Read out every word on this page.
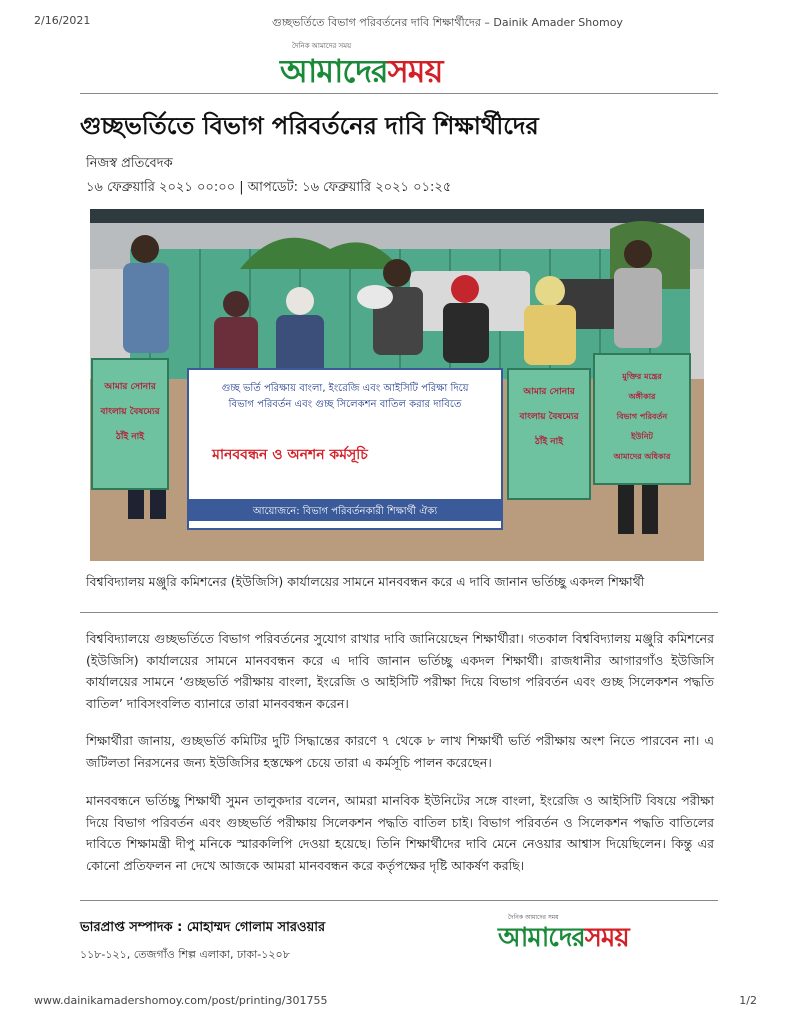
2/16/2021	গুচ্ছভর্তিতে বিভাগ পরিবর্তনের দাবি শিক্ষার্থীদের – Dainik Amader Shomoy
দৈনিক আমাদের সময়
আমাদেরসময়
গুচ্ছভর্তিতে বিভাগ পরিবর্তনের দাবি শিক্ষার্থীদের
নিজস্ব প্রতিবেদক
১৬ ফেব্রুয়ারি ২০২১ ০০:০০ | আপডেট: ১৬ ফেব্রুয়ারি ২০২১ ০১:২৫
আমার সোনার
বাংলায় বৈষম্যের
ঠাঁই নাই
গুচ্ছ ভর্তি পরিক্ষায় বাংলা, ইংরেজি এবং আইসিটি পরিক্ষা দিয়ে
বিভাগ পরিবর্তন এবং গুচ্ছ সিলেকশন বাতিল করার দাবিতে
মানববন্ধন ও অনশন কর্মসূচি
আয়োজনে: বিভাগ পরিবর্তনকারী শিক্ষার্থী ঐক্য
আমার সোনার
বাংলায় বৈষম্যের
ঠাঁই নাই
মুক্তির মন্ত্রের
অঙ্গীকার
বিভাগ পরিবর্তন
ইউনিট
আমাদের অধিকার
বিশ্ববিদ্যালয় মঞ্জুরি কমিশনের (ইউজিসি) কার্যালয়ের সামনে মানববন্ধন করে এ দাবি জানান ভর্তিচ্ছু একদল শিক্ষার্থী

বিশ্ববিদ্যালয়ে গুচ্ছভর্তিতে বিভাগ পরিবর্তনের সুযোগ রাখার দাবি জানিয়েছেন শিক্ষার্থীরা। গতকাল বিশ্ববিদ্যালয় মঞ্জুরি কমিশনের (ইউজিসি) কার্যালয়ের সামনে মানববন্ধন করে এ দাবি জানান ভর্তিচ্ছু একদল শিক্ষার্থী। রাজধানীর আগারগাঁও ইউজিসি কার্যালয়ের সামনে ‘গুচ্ছভর্তি পরীক্ষায় বাংলা, ইংরেজি ও আইসিটি পরীক্ষা দিয়ে বিভাগ পরিবর্তন এবং গুচ্ছ সিলেকশন পদ্ধতি বাতিল’ দাবিসংবলিত ব্যানারে তারা মানববন্ধন করেন।

শিক্ষার্থীরা জানায়, গুচ্ছভর্তি কমিটির দুটি সিদ্ধান্তের কারণে ৭ থেকে ৮ লাখ শিক্ষার্থী ভর্তি পরীক্ষায় অংশ নিতে পারবেন না। এ জটিলতা নিরসনের জন্য ইউজিসির হস্তক্ষেপ চেয়ে তারা এ কর্মসূচি পালন করেছেন।

মানববন্ধনে ভর্তিচ্ছু শিক্ষার্থী সুমন তালুকদার বলেন, আমরা মানবিক ইউনিটের সঙ্গে বাংলা, ইংরেজি ও আইসিটি বিষয়ে পরীক্ষা দিয়ে বিভাগ পরিবর্তন এবং গুচ্ছভর্তি পরীক্ষায় সিলেকশন পদ্ধতি বাতিল চাই। বিভাগ পরিবর্তন ও সিলেকশন পদ্ধতি বাতিলের দাবিতে শিক্ষামন্ত্রী দীপু মনিকে স্মারকলিপি দেওয়া হয়েছে। তিনি শিক্ষার্থীদের দাবি মেনে নেওয়ার আশ্বাস দিয়েছিলেন। কিন্তু এর কোনো প্রতিফলন না দেখে আজকে আমরা মানববন্ধন করে কর্তৃপক্ষের দৃষ্টি আকর্ষণ করছি।

ভারপ্রাপ্ত সম্পাদক : মোহাম্মদ গোলাম সারওয়ার
১১৮-১২১, তেজগাঁও শিল্প এলাকা, ঢাকা-১২০৮
দৈনিক আমাদের সময়
আমাদেরসময়
www.dainikamadershomoy.com/post/printing/301755	1/2
